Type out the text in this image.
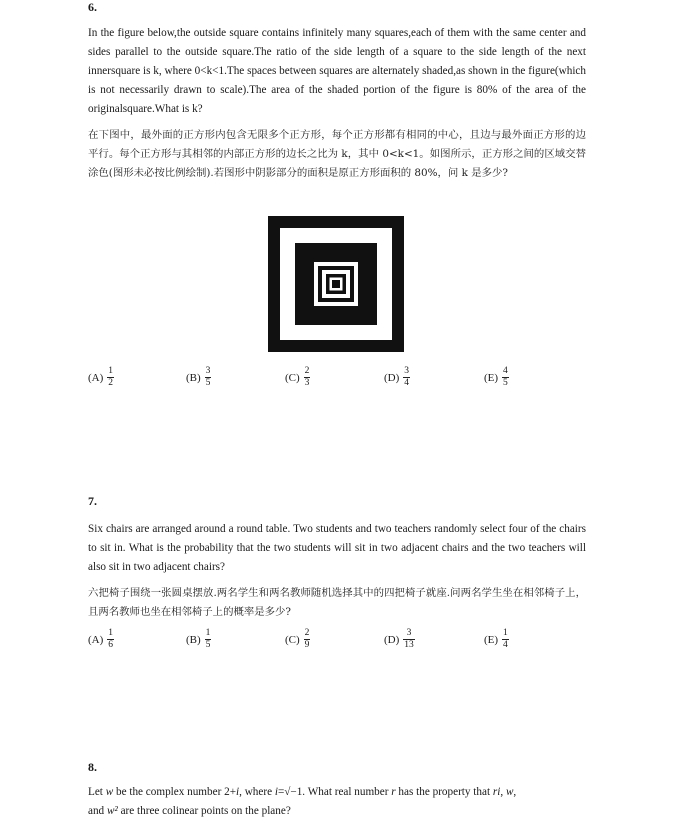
6.
In the figure below,the outside square contains infinitely many squares,each of them with the same center and sides parallel to the outside square.The ratio of the side length of a square to the side length of the next innersquare is k, where 0<k<1.The spaces between squares are alternately shaded,as shown in the figure(which is not necessarily drawn to scale).The area of the shaded portion of the figure is 80% of the area of the originalsquare.What is k?
在下图中，最外面的正方形内包含无限多个正方形，每个正方形都有相同的中心，且边与最外面正方形的边平行。每个正方形与其相邻的内部正方形的边长之比为 k，其中 0<k<1。如图所示，正方形之间的区域交替涂色(图形未必按比例绘制).若图形中阴影部分的面积是原正方形面积的 80%，问 k 是多少?
$(A) \frac{1}{2}$	$(B) \frac{3}{5}$	$(C) \frac{2}{3}$	$(D) \frac{3}{4}$	$(E) \frac{4}{5}$
7.
Six chairs are arranged around a round table. Two students and two teachers randomly select four of the chairs to sit in. What is the probability that the two students will sit in two adjacent chairs and the two teachers will also sit in two adjacent chairs?
六把椅子围绕一张圆桌摆放.两名学生和两名教师随机选择其中的四把椅子就座.问两名学生坐在相邻椅子上，且两名教师也坐在相邻椅子上的概率是多少?
$(A) \frac{1}{6}$	$(B) \frac{1}{5}$	$(C) \frac{2}{9}$	$(D) \frac{3}{13}$	$(E) \frac{1}{4}$
8.
Let w be the complex number 2+i, where i=√−1. What real number r has the property that ri, w,
and w² are three colinear points on the plane?
